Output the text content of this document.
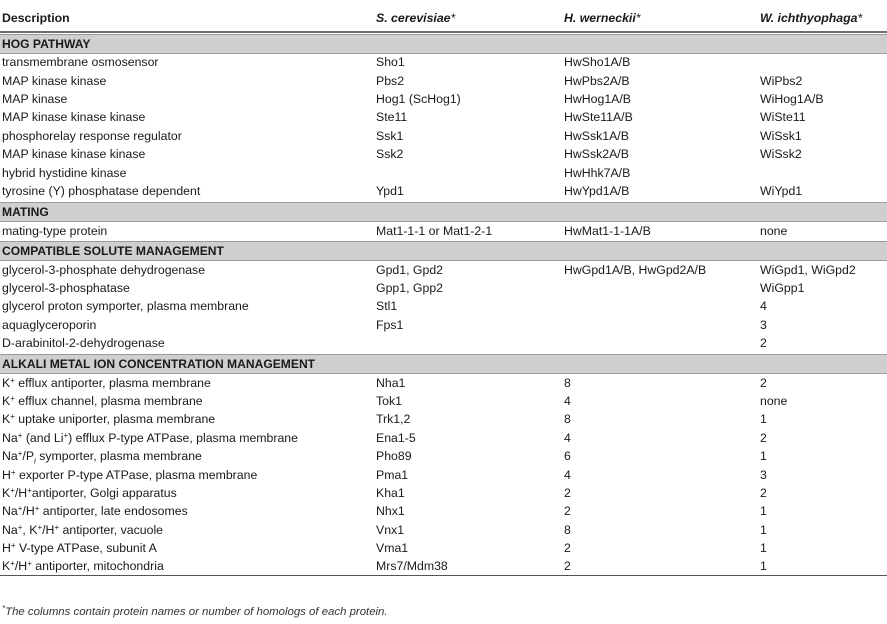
Description	S. cerevisiae*	H. werneckii*	W. ichthyophaga*

HOG PATHWAY			
transmembrane osmosensor	Sho1	HwSho1A/B	
MAP kinase kinase	Pbs2	HwPbs2A/B	WiPbs2
MAP kinase	Hog1 (ScHog1)	HwHog1A/B	WiHog1A/B
MAP kinase kinase kinase	Ste11	HwSte11A/B	WiSte11
phosphorelay response regulator	Ssk1	HwSsk1A/B	WiSsk1
MAP kinase kinase kinase	Ssk2	HwSsk2A/B	WiSsk2
hybrid hystidine kinase		HwHhk7A/B	
tyrosine (Y) phosphatase dependent	Ypd1	HwYpd1A/B	WiYpd1

MATING			
mating-type protein	Mat1-1-1 or Mat1-2-1	HwMat1-1-1A/B	none

COMPATIBLE SOLUTE MANAGEMENT			
glycerol-3-phosphate dehydrogenase	Gpd1, Gpd2	HwGpd1A/B, HwGpd2A/B	WiGpd1, WiGpd2
glycerol-3-phosphatase	Gpp1, Gpp2		WiGpp1
glycerol proton symporter, plasma membrane	Stl1		4
aquaglyceroporin	Fps1		3
D-arabinitol-2-dehydrogenase			2

ALKALI METAL ION CONCENTRATION MANAGEMENT			
K+ efflux antiporter, plasma membrane	Nha1	8	2
K+ efflux channel, plasma membrane	Tok1	4	none
K+ uptake uniporter, plasma membrane	Trk1,2	8	1
Na+ (and Li+) efflux P-type ATPase, plasma membrane	Ena1-5	4	2
$Na^+/P_i$ symporter, plasma membrane	Pho89	6	1
H+ exporter P-type ATPase, plasma membrane	Pma1	4	3
K+/H+antiporter, Golgi apparatus	Kha1	2	2
Na+/H+ antiporter, late endosomes	Nhx1	2	1
Na+, K+/H+ antiporter, vacuole	Vnx1	8	1
H+ V-type ATPase, subunit A	Vma1	2	1
K+/H+ antiporter, mitochondria	Mrs7/Mdm38	2	1
*The columns contain protein names or number of homologs of each protein.
